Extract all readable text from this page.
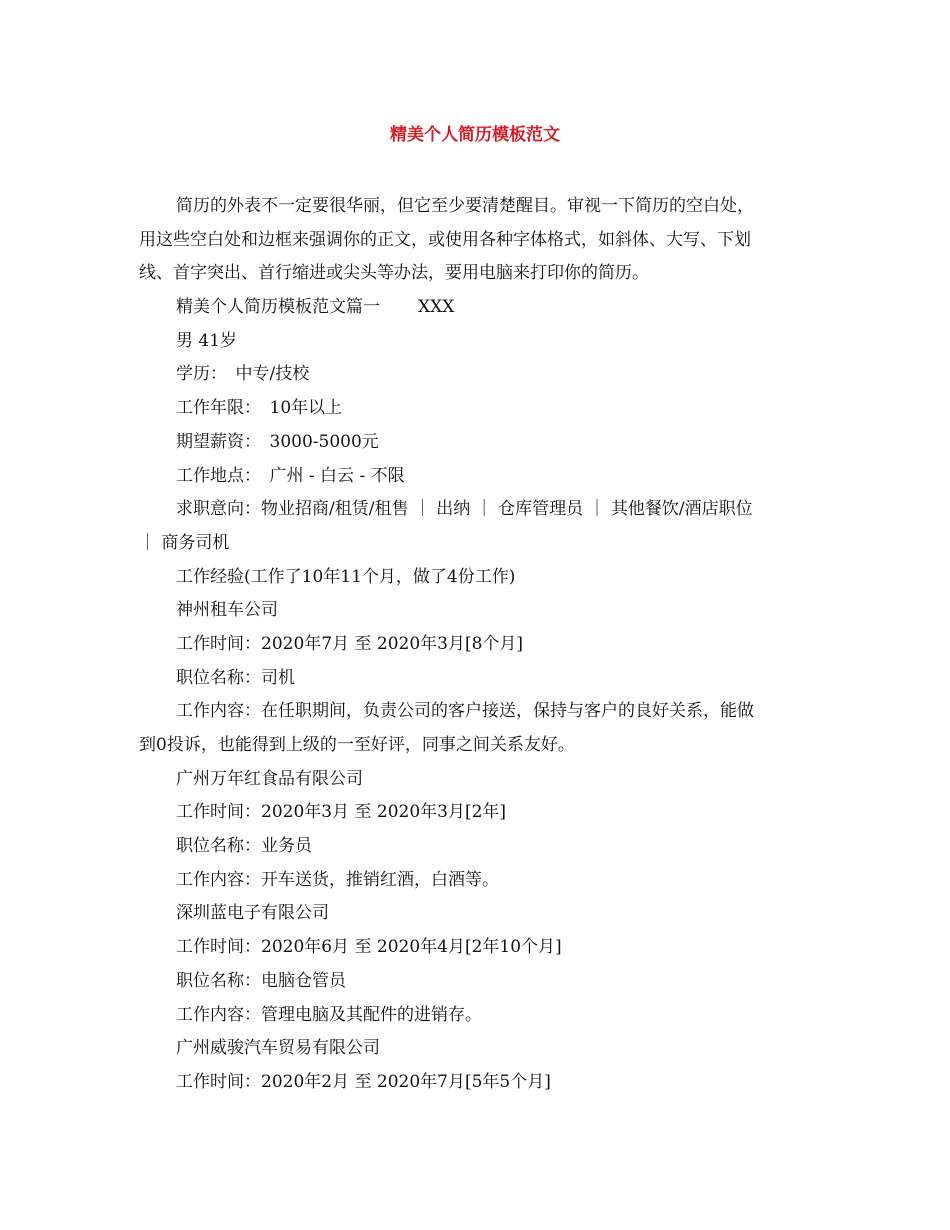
精美个人简历模板范文

简历的外表不一定要很华丽，但它至少要清楚醒目。审视一下简历的空白处，

用这些空白处和边框来强调你的正文，或使用各种字体格式，如斜体、大写、下划

线、首字突出、首行缩进或尖头等办法，要用电脑来打印你的简历。

精美个人简历模板范文篇一 XXX

男 41岁

学历：　中专/技校

工作年限：　10年以上

期望薪资：　3000-5000元

工作地点：　广州 - 白云 - 不限

求职意向：物业招商/租赁/租售 ｜ 出纳 ｜ 仓库管理员 ｜ 其他餐饮/酒店职位

｜ 商务司机

工作经验(工作了10年11个月，做了4份工作)

神州租车公司

工作时间：2020年7月 至 2020年3月[8个月]

职位名称：司机

工作内容：在任职期间，负责公司的客户接送，保持与客户的良好关系，能做

到0投诉，也能得到上级的一至好评，同事之间关系友好。

广州万年红食品有限公司

工作时间：2020年3月 至 2020年3月[2年]

职位名称：业务员

工作内容：开车送货，推销红酒，白酒等。

深圳蓝电子有限公司

工作时间：2020年6月 至 2020年4月[2年10个月]

职位名称：电脑仓管员

工作内容：管理电脑及其配件的进销存。

广州威骏汽车贸易有限公司

工作时间：2020年2月 至 2020年7月[5年5个月]
